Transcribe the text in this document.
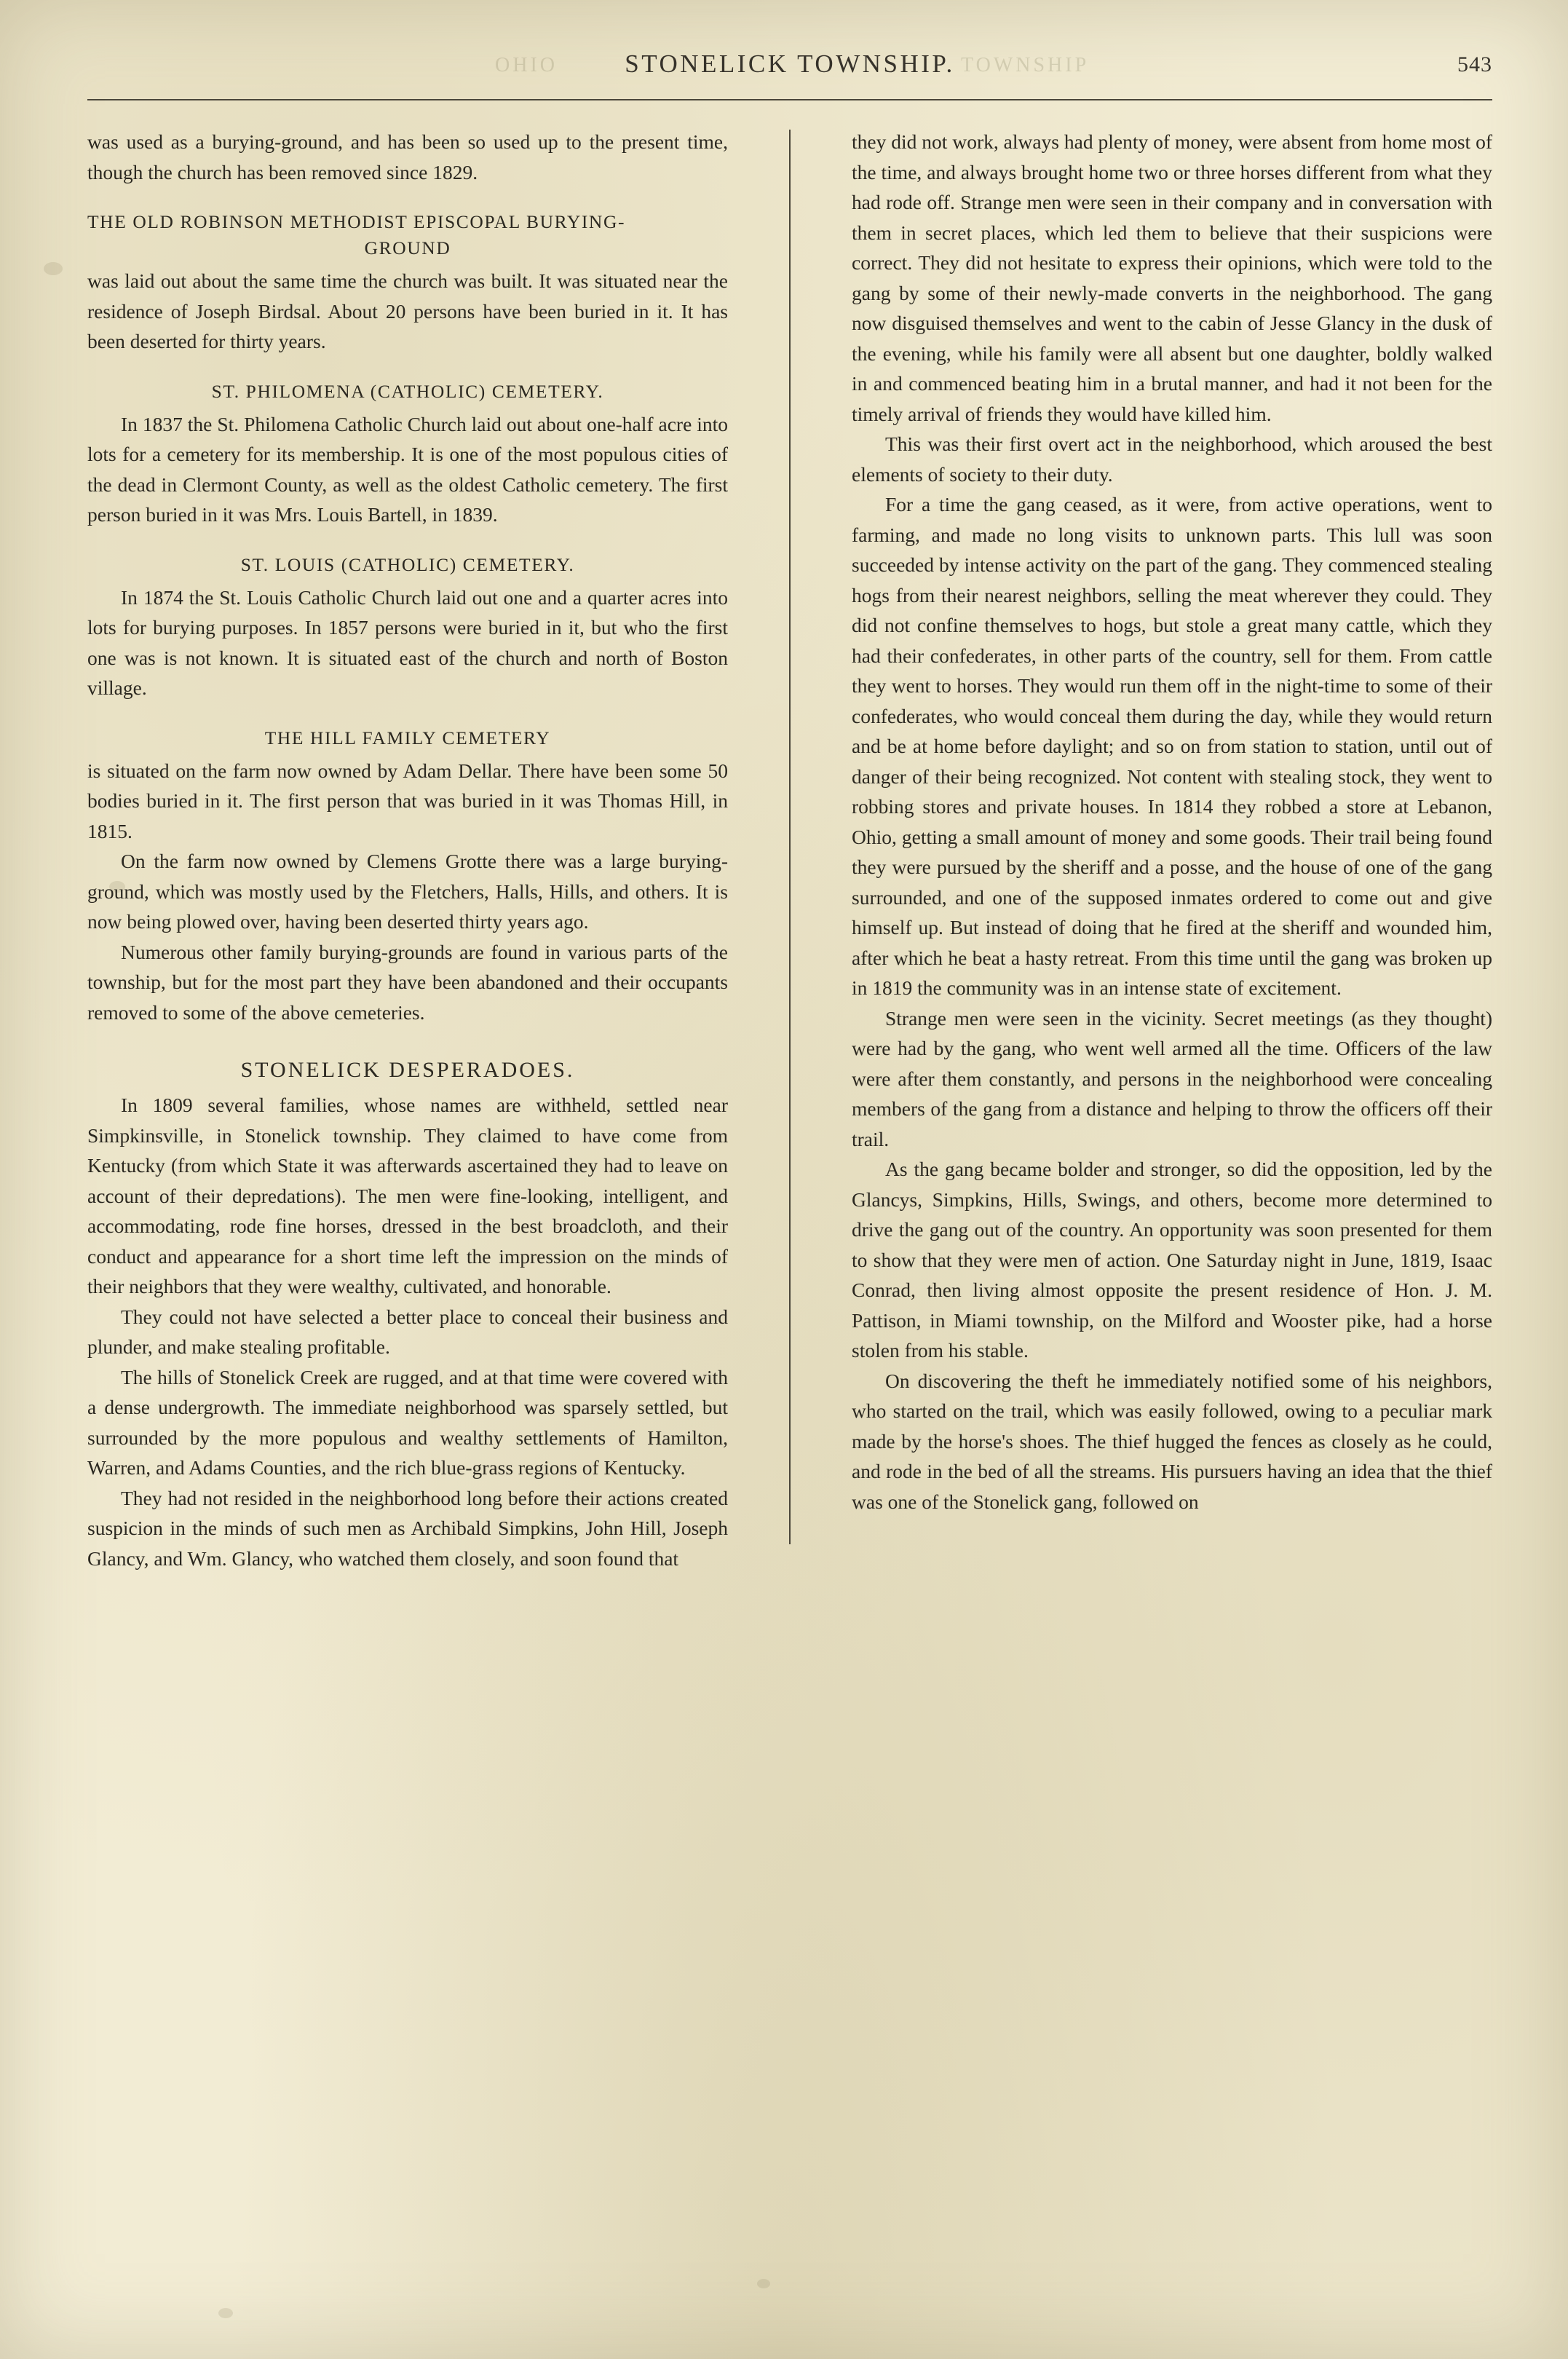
OHIO	TOWNSHIP
STONELICK TOWNSHIP.	543

was used as a burying-ground, and has been so used up to the present time, though the church has been removed since 1829.

THE OLD ROBINSON METHODIST EPISCOPAL BURYING-
GROUND

was laid out about the same time the church was built. It was situated near the residence of Joseph Birdsal. About 20 persons have been buried in it. It has been deserted for thirty years.

ST. PHILOMENA (CATHOLIC) CEMETERY.

In 1837 the St. Philomena Catholic Church laid out about one-half acre into lots for a cemetery for its membership. It is one of the most populous cities of the dead in Clermont County, as well as the oldest Catholic cemetery. The first person buried in it was Mrs. Louis Bartell, in 1839.

ST. LOUIS (CATHOLIC) CEMETERY.

In 1874 the St. Louis Catholic Church laid out one and a quarter acres into lots for burying purposes. In 1857 persons were buried in it, but who the first one was is not known. It is situated east of the church and north of Boston village.

THE HILL FAMILY CEMETERY

is situated on the farm now owned by Adam Dellar. There have been some 50 bodies buried in it. The first person that was buried in it was Thomas Hill, in 1815.

On the farm now owned by Clemens Grotte there was a large burying-ground, which was mostly used by the Fletchers, Halls, Hills, and others. It is now being plowed over, having been deserted thirty years ago.

Numerous other family burying-grounds are found in various parts of the township, but for the most part they have been abandoned and their occupants removed to some of the above cemeteries.

STONELICK DESPERADOES.

In 1809 several families, whose names are withheld, settled near Simpkinsville, in Stonelick township. They claimed to have come from Kentucky (from which State it was afterwards ascertained they had to leave on account of their depredations). The men were fine-looking, intelligent, and accommodating, rode fine horses, dressed in the best broadcloth, and their conduct and appearance for a short time left the impression on the minds of their neighbors that they were wealthy, cultivated, and honorable.

They could not have selected a better place to conceal their business and plunder, and make stealing profitable.

The hills of Stonelick Creek are rugged, and at that time were covered with a dense undergrowth. The immediate neighborhood was sparsely settled, but surrounded by the more populous and wealthy settlements of Hamilton, Warren, and Adams Counties, and the rich blue-grass regions of Kentucky.

They had not resided in the neighborhood long before their actions created suspicion in the minds of such men as Archibald Simpkins, John Hill, Joseph Glancy, and Wm. Glancy, who watched them closely, and soon found that

they did not work, always had plenty of money, were absent from home most of the time, and always brought home two or three horses different from what they had rode off. Strange men were seen in their company and in conversation with them in secret places, which led them to believe that their suspicions were correct. They did not hesitate to express their opinions, which were told to the gang by some of their newly-made converts in the neighborhood. The gang now disguised themselves and went to the cabin of Jesse Glancy in the dusk of the evening, while his family were all absent but one daughter, boldly walked in and commenced beating him in a brutal manner, and had it not been for the timely arrival of friends they would have killed him.

This was their first overt act in the neighborhood, which aroused the best elements of society to their duty.

For a time the gang ceased, as it were, from active operations, went to farming, and made no long visits to unknown parts. This lull was soon succeeded by intense activity on the part of the gang. They commenced stealing hogs from their nearest neighbors, selling the meat wherever they could. They did not confine themselves to hogs, but stole a great many cattle, which they had their confederates, in other parts of the country, sell for them. From cattle they went to horses. They would run them off in the night-time to some of their confederates, who would conceal them during the day, while they would return and be at home before daylight; and so on from station to station, until out of danger of their being recognized. Not content with stealing stock, they went to robbing stores and private houses. In 1814 they robbed a store at Lebanon, Ohio, getting a small amount of money and some goods. Their trail being found they were pursued by the sheriff and a posse, and the house of one of the gang surrounded, and one of the supposed inmates ordered to come out and give himself up. But instead of doing that he fired at the sheriff and wounded him, after which he beat a hasty retreat. From this time until the gang was broken up in 1819 the community was in an intense state of excitement.

Strange men were seen in the vicinity. Secret meetings (as they thought) were had by the gang, who went well armed all the time. Officers of the law were after them constantly, and persons in the neighborhood were concealing members of the gang from a distance and helping to throw the officers off their trail.

As the gang became bolder and stronger, so did the opposition, led by the Glancys, Simpkins, Hills, Swings, and others, become more determined to drive the gang out of the country. An opportunity was soon presented for them to show that they were men of action. One Saturday night in June, 1819, Isaac Conrad, then living almost opposite the present residence of Hon. J. M. Pattison, in Miami township, on the Milford and Wooster pike, had a horse stolen from his stable.

On discovering the theft he immediately notified some of his neighbors, who started on the trail, which was easily followed, owing to a peculiar mark made by the horse's shoes. The thief hugged the fences as closely as he could, and rode in the bed of all the streams. His pursuers having an idea that the thief was one of the Stonelick gang, followed on
